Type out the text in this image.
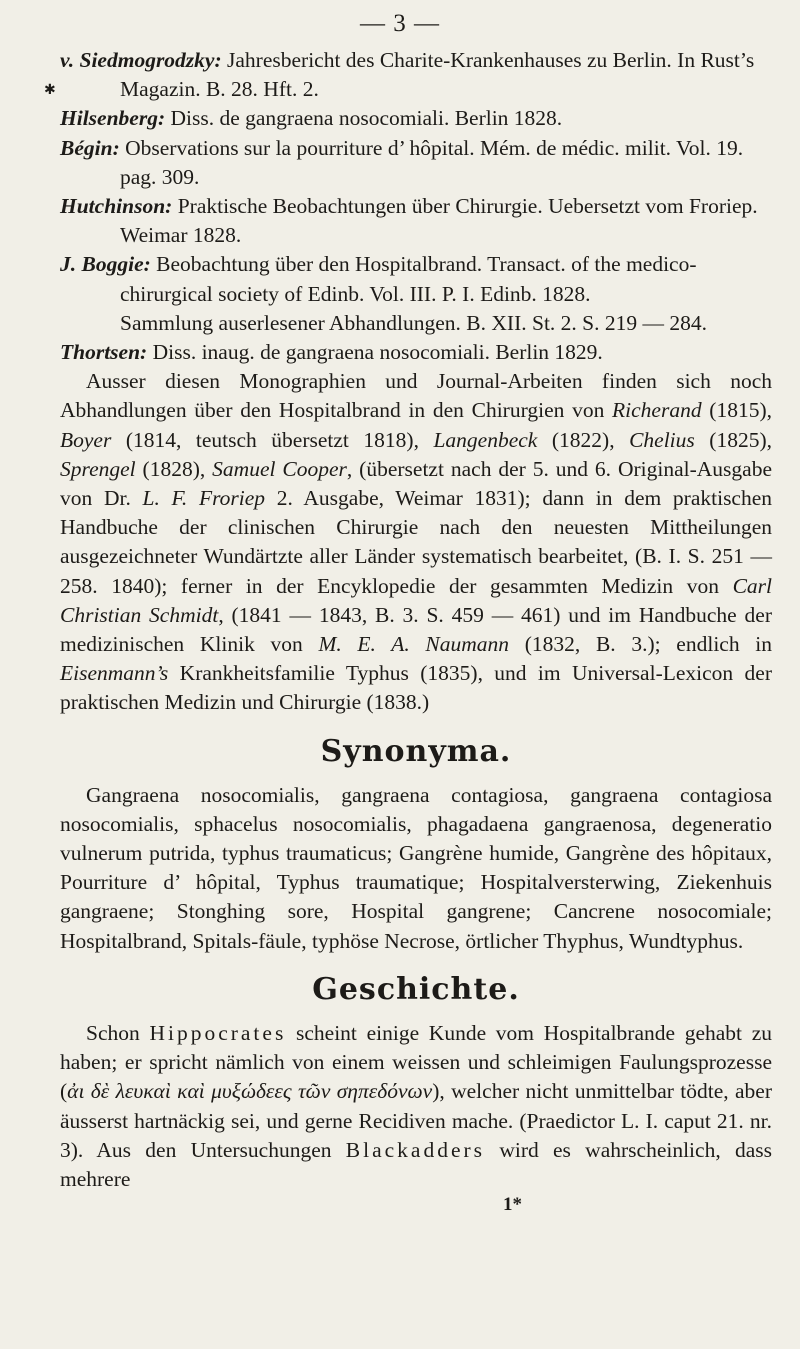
— 3 —
✱

v. Siedmogrodzky: Jahresbericht des Charite-Krankenhauses zu Berlin. In Rust’s Magazin. B. 28. Hft. 2.

Hilsenberg: Diss. de gangraena nosocomiali. Berlin 1828.

Bégin: Observations sur la pourriture d’ hôpital. Mém. de médic. milit. Vol. 19. pag. 309.

Hutchinson: Praktische Beobachtungen über Chirurgie. Uebersetzt vom Froriep. Weimar 1828.

J. Boggie: Beobachtung über den Hospitalbrand. Transact. of the medico-chirurgical society of Edinb. Vol. III. P. I. Edinb. 1828.

Sammlung auserlesener Abhandlungen. B. XII. St. 2. S. 219 — 284.

Thortsen: Diss. inaug. de gangraena nosocomiali. Berlin 1829.

Ausser diesen Monographien und Journal-Arbeiten finden sich noch Abhandlungen über den Hospitalbrand in den Chirurgien von Richerand (1815), Boyer (1814, teutsch übersetzt 1818), Langenbeck (1822), Chelius (1825), Sprengel (1828), Samuel Cooper, (übersetzt nach der 5. und 6. Original-Ausgabe von Dr. L. F. Froriep 2. Ausgabe, Weimar 1831); dann in dem praktischen Handbuche der clinischen Chirurgie nach den neuesten Mittheilungen ausgezeichneter Wundärtzte aller Länder systematisch bearbeitet, (B. I. S. 251 — 258. 1840); ferner in der Encyklopedie der gesammten Medizin von Carl Christian Schmidt, (1841 — 1843, B. 3. S. 459 — 461) und im Handbuche der medizinischen Klinik von M. E. A. Naumann (1832, B. 3.); endlich in Eisenmann’s Krankheitsfamilie Typhus (1835), und im Universal-Lexicon der praktischen Medizin und Chirurgie (1838.)

Synonyma.

Gangraena nosocomialis, gangraena contagiosa, gangraena contagiosa nosocomialis, sphacelus nosocomialis, phagadaena gangraenosa, degeneratio vulnerum putrida, typhus traumaticus; Gangrène humide, Gangrène des hôpitaux, Pourriture d’ hôpital, Typhus traumatique; Hospitalversterwing, Ziekenhuis gangraene; Stonghing sore, Hospital gangrene; Cancrene nosocomiale; Hospitalbrand, Spitals-fäule, typhöse Necrose, örtlicher Thyphus, Wundtyphus.

Geschichte.

Schon Hippocrates scheint einige Kunde vom Hospitalbrande gehabt zu haben; er spricht nämlich von einem weissen und schleimigen Faulungsprozesse (ἀι δὲ λευκαὶ καὶ μυξώδεες τῶν σηπεδόνων), welcher nicht unmittelbar tödte, aber äusserst hartnäckig sei, und gerne Recidiven mache. (Praedictor L. I. caput 21. nr. 3). Aus den Untersuchungen Blackadders wird es wahrscheinlich, dass mehrere

1*
